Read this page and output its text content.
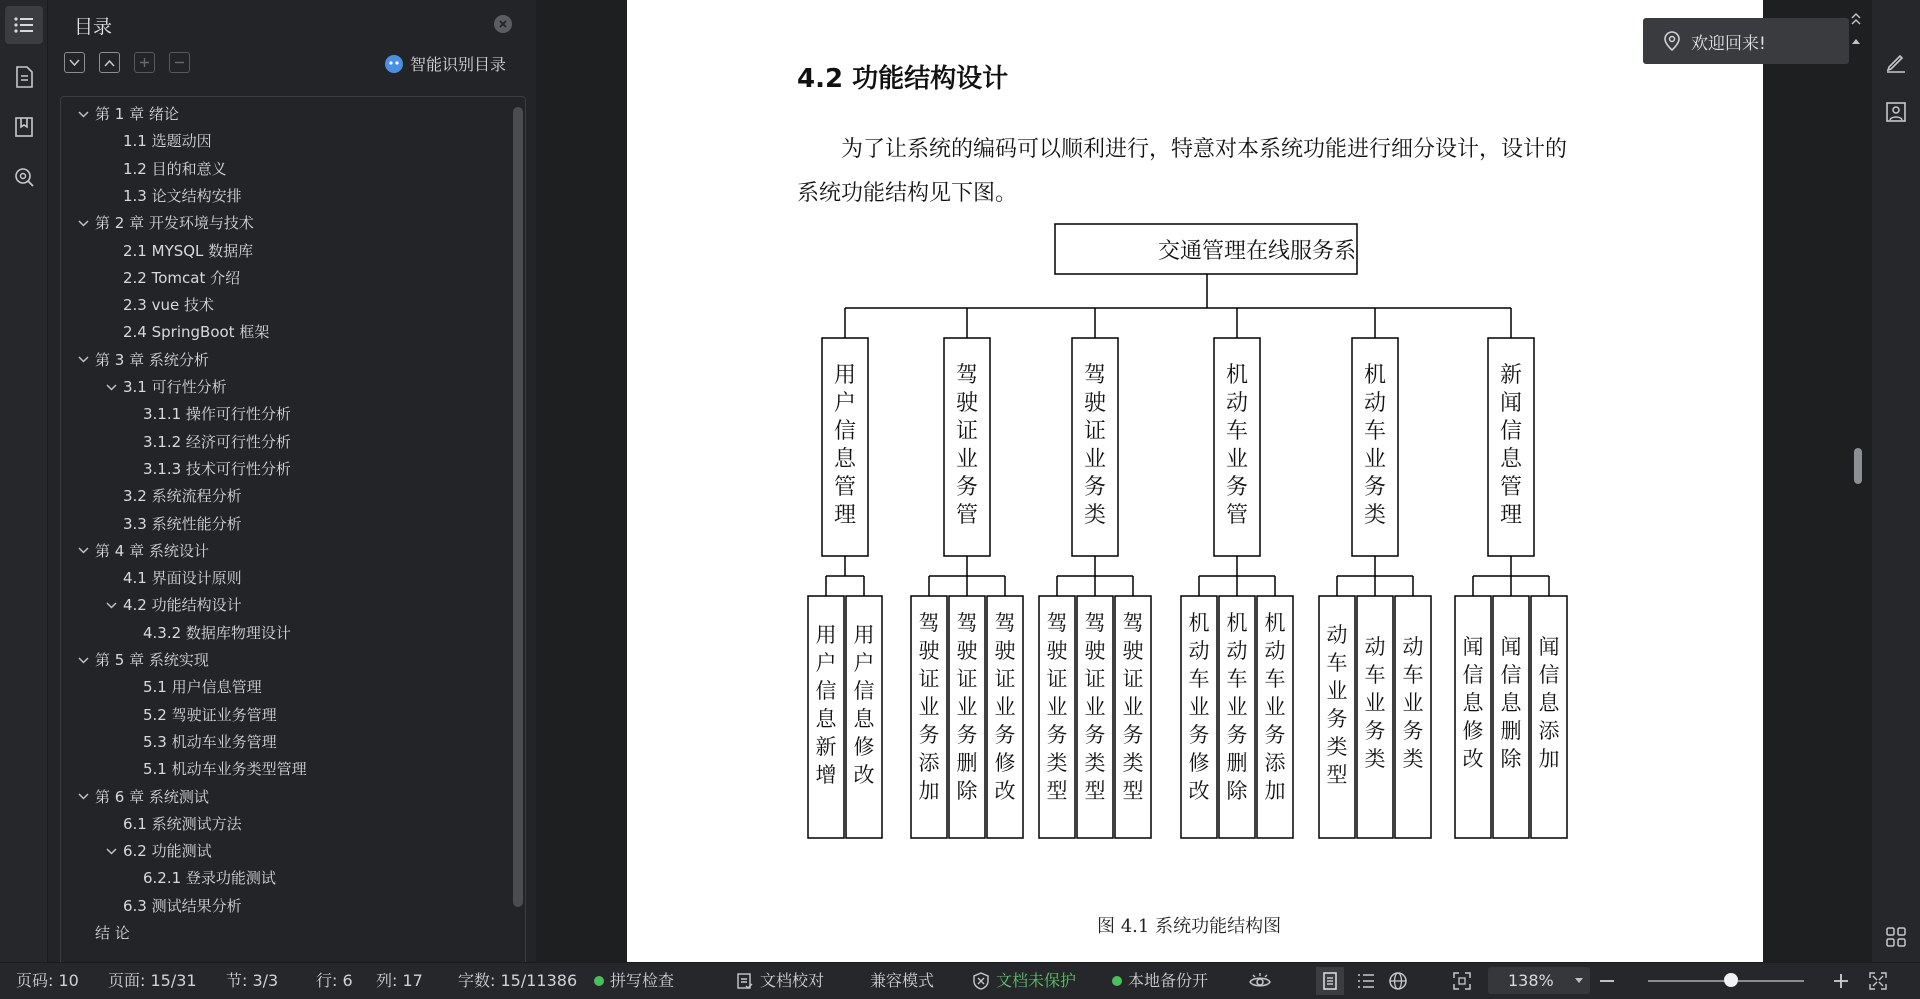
目录
智能识别目录
第 1 章 绪论
1.1 选题动因
1.2 目的和意义
1.3 论文结构安排
第 2 章 开发环境与技术
2.1 MYSQL 数据库
2.2 Tomcat 介绍
2.3 vue 技术
2.4 SpringBoot 框架
第 3 章 系统分析
3.1 可行性分析
3.1.1 操作可行性分析
3.1.2 经济可行性分析
3.1.3 技术可行性分析
3.2 系统流程分析
3.3 系统性能分析
第 4 章 系统设计
4.1 界面设计原则
4.2 功能结构设计
4.3.2 数据库物理设计
第 5 章 系统实现
5.1 用户信息管理
5.2 驾驶证业务管理
5.3 机动车业务管理
5.1 机动车业务类型管理
第 6 章 系统测试
6.1 系统测试方法
6.2 功能测试
6.2.1 登录功能测试
6.3 测试结果分析
结 论
4.2 功能结构设计
为了让系统的编码可以顺利进行，特意对本系统功能进行细分设计，设计的
系统功能结构见下图。
交通管理在线服务系
用
户
信
息
管
理
用
户
信
息
新
增
用
户
信
息
修
改
驾
驶
证
业
务
管
驾
驶
证
业
务
添
加
驾
驶
证
业
务
删
除
驾
驶
证
业
务
修
改
驾
驶
证
业
务
类
驾
驶
证
业
务
类
型
驾
驶
证
业
务
类
型
驾
驶
证
业
务
类
型
机
动
车
业
务
管
机
动
车
业
务
修
改
机
动
车
业
务
删
除
机
动
车
业
务
添
加
机
动
车
业
务
类
动
车
业
务
类
型
动
车
业
务
类
动
车
业
务
类
新
闻
信
息
管
理
闻
信
息
修
改
闻
信
息
删
除
闻
信
息
添
加
图 4.1 系统功能结构图
欢迎回来!
页码: 10 页面: 15/31 节: 3/3 行: 6 列: 17 字数: 15/11386 拼写检查	文档校对	兼容模式	文档未保护	本地备份开	138%
